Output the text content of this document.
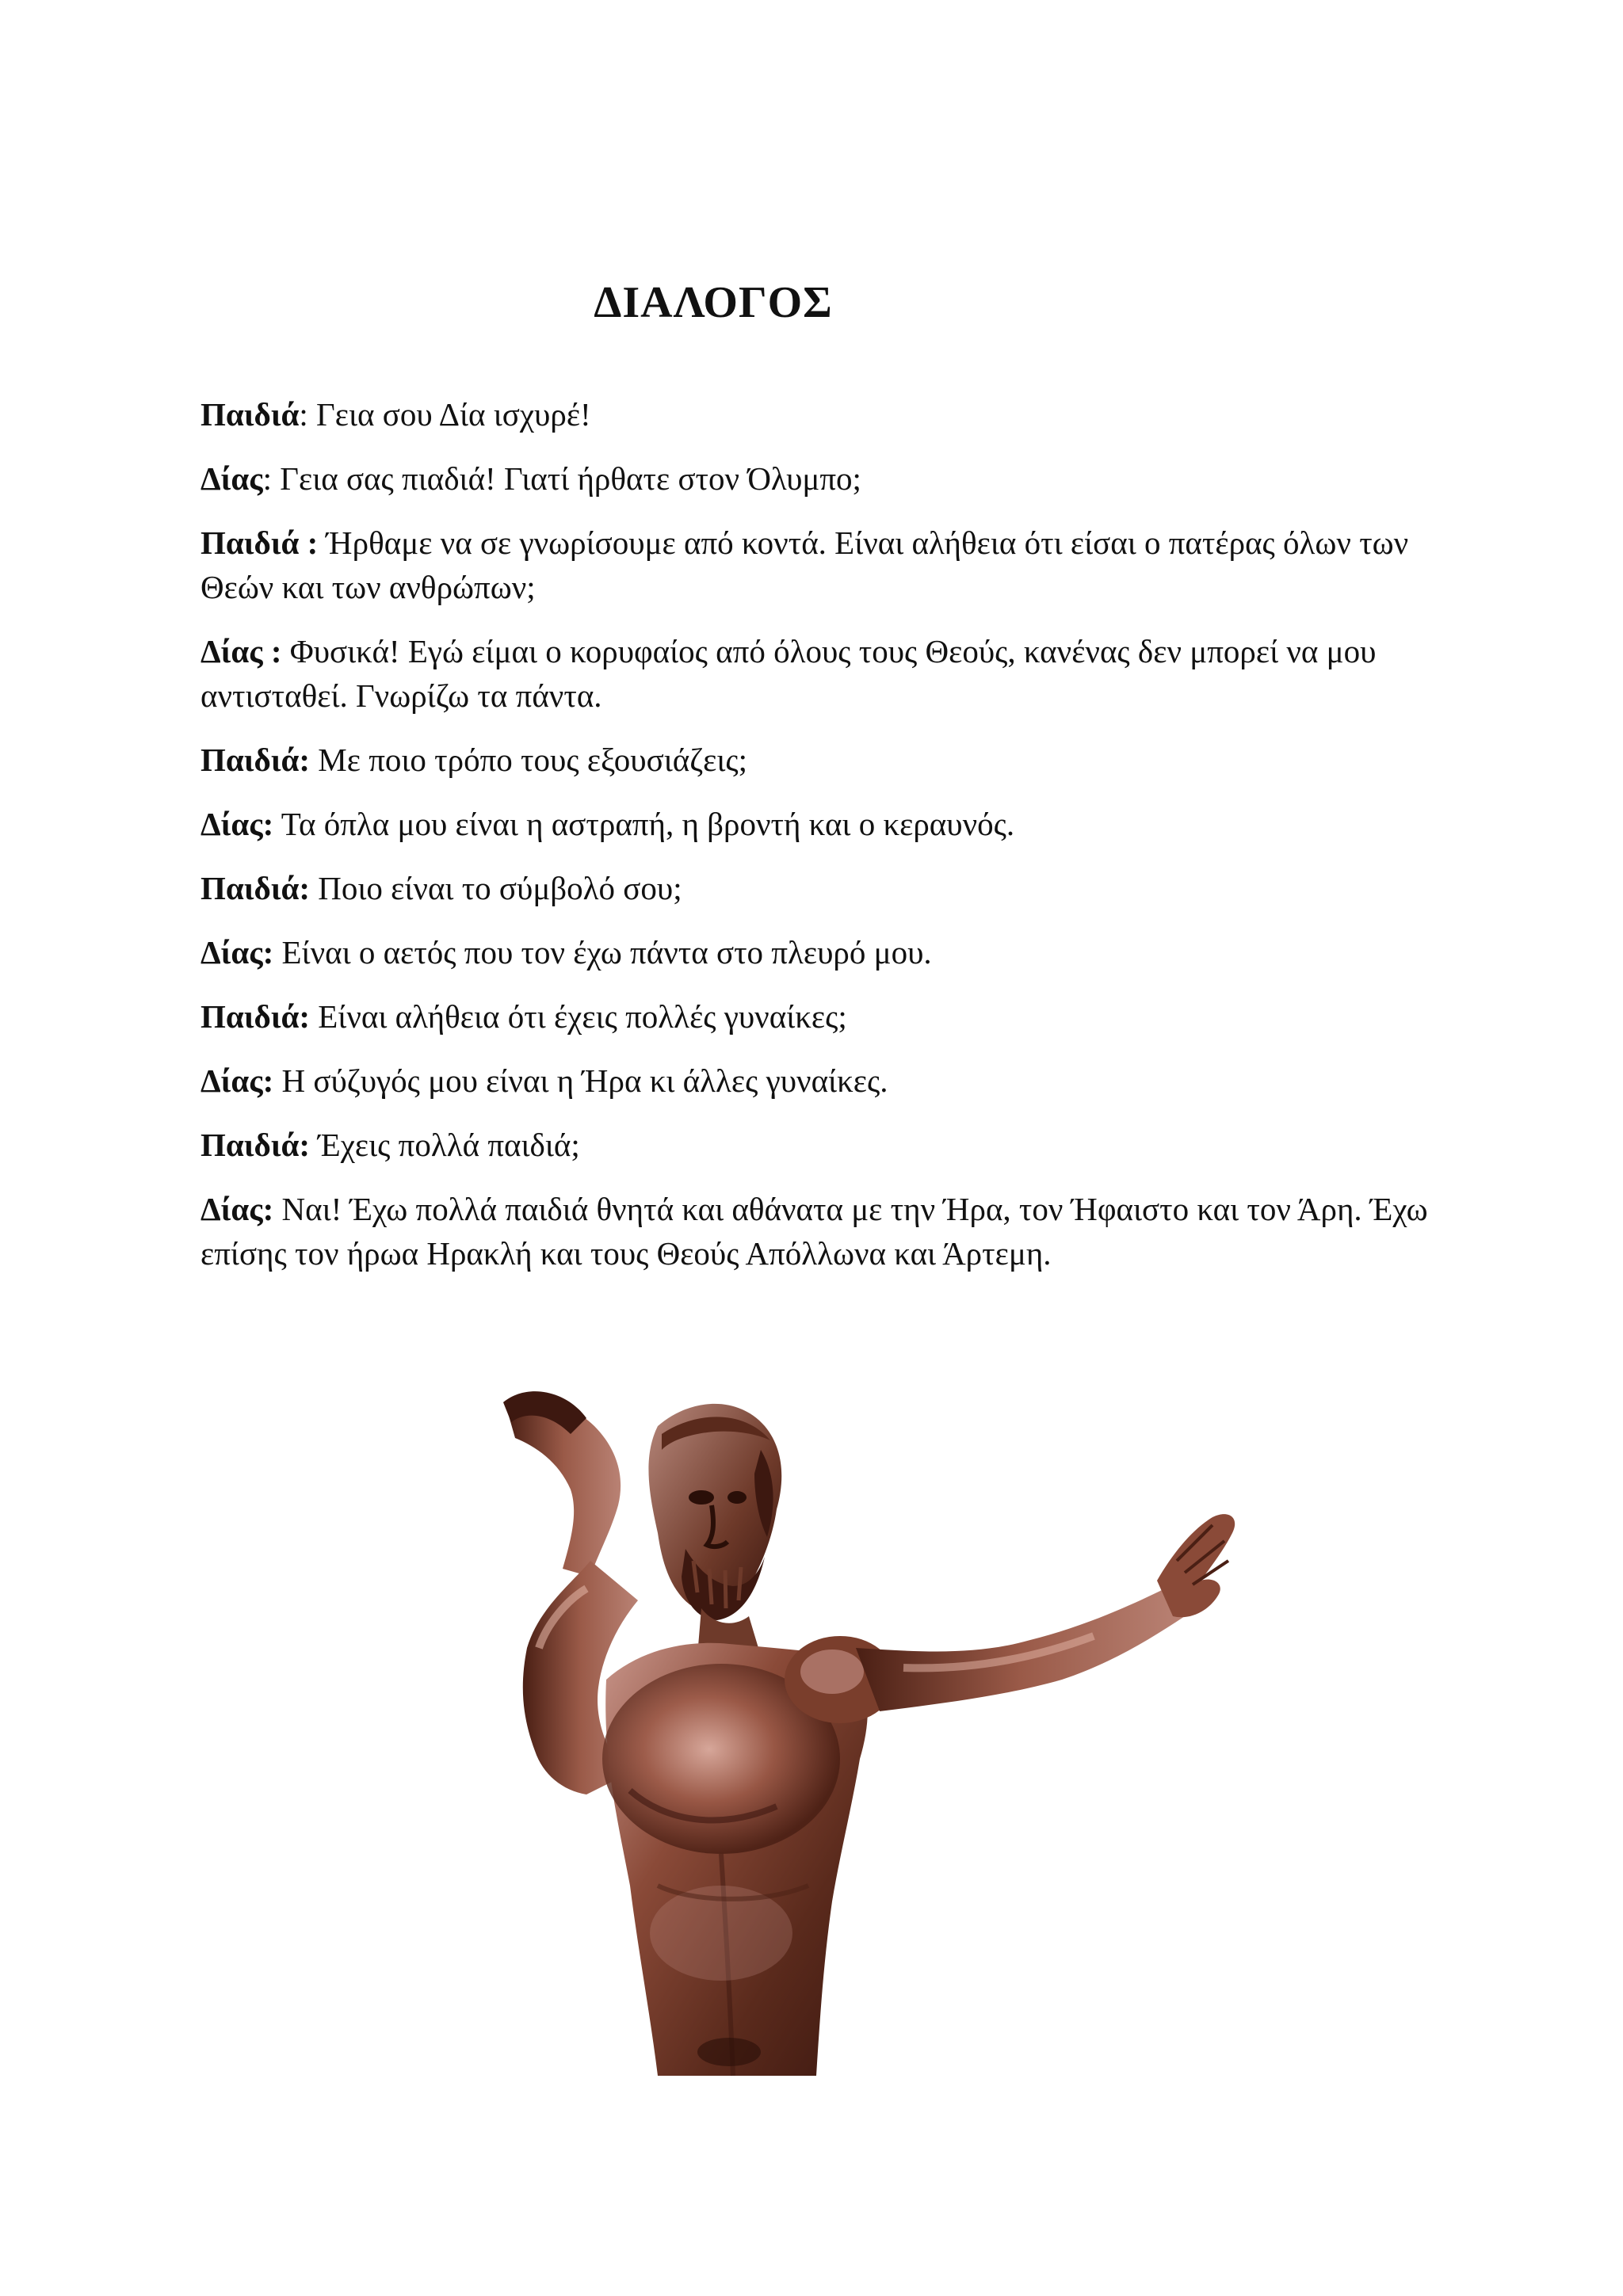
ΔΙΑΛΟΓΟΣ

Παιδιά: Γεια σου Δία ισχυρέ!

Δίας: Γεια σας πιαδιά! Γιατί ήρθατε στον Όλυμπο;

Παιδιά : Ήρθαμε να σε γνωρίσουμε από κοντά. Είναι αλήθεια ότι είσαι ο πατέρας όλων των Θεών και των ανθρώπων;

Δίας : Φυσικά! Εγώ είμαι ο κορυφαίος από όλους τους Θεούς, κανένας δεν μπορεί να μου αντισταθεί. Γνωρίζω τα πάντα.

Παιδιά: Με ποιο τρόπο τους εξουσιάζεις;

Δίας: Τα όπλα μου είναι η αστραπή, η βροντή και ο κεραυνός.

Παιδιά: Ποιο είναι το σύμβολό σου;

Δίας: Είναι ο αετός που τον έχω πάντα στο πλευρό μου.

Παιδιά: Είναι αλήθεια ότι έχεις πολλές γυναίκες;

Δίας: Η σύζυγός μου είναι η Ήρα κι άλλες γυναίκες.

Παιδιά: Έχεις πολλά παιδιά;

Δίας: Ναι! Έχω πολλά παιδιά θνητά και αθάνατα με την Ήρα, τον Ήφαιστο και τον Άρη. Έχω επίσης τον ήρωα Ηρακλή και τους Θεούς Απόλλωνα και Άρτεμη.
